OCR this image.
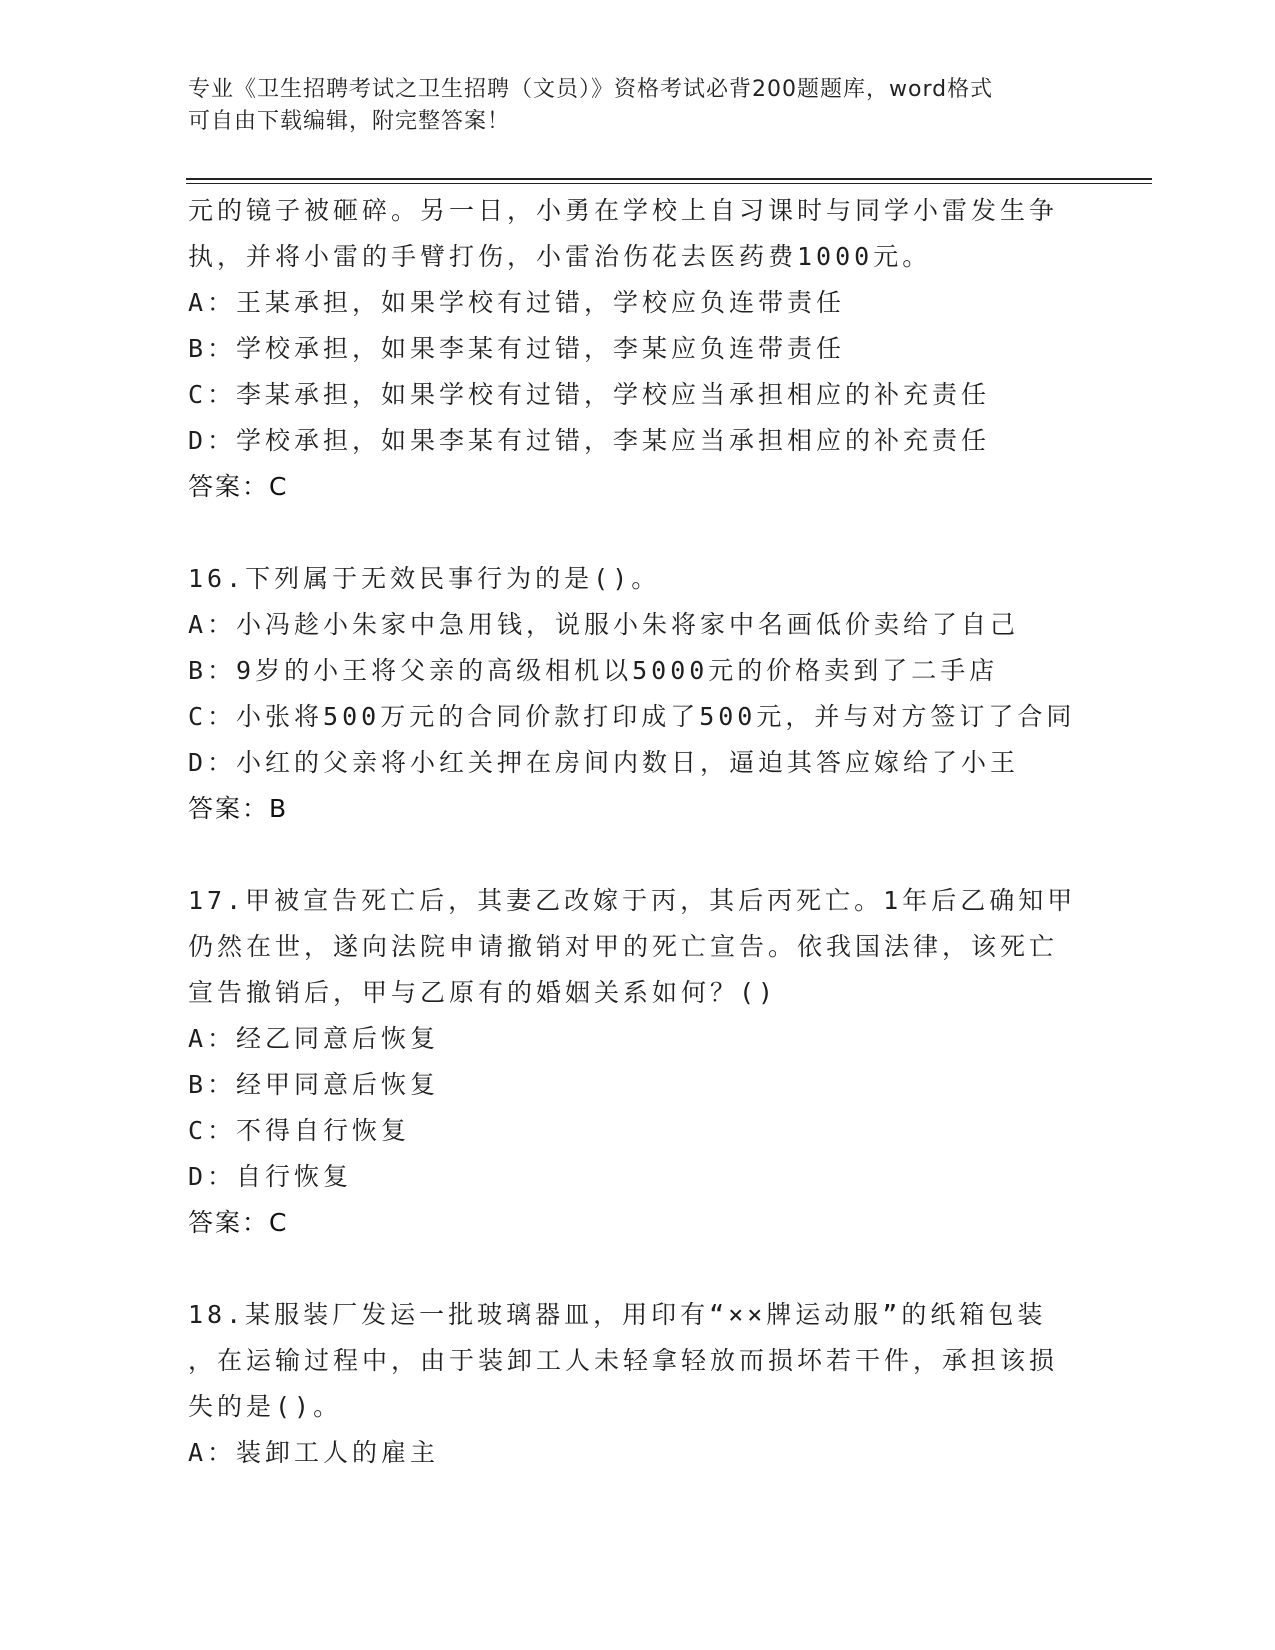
专业《卫生招聘考试之卫生招聘（文员）》资格考试必背200题题库，word格式
可自由下载编辑，附完整答案！
元的镜子被砸碎。另一日，小勇在学校上自习课时与同学小雷发生争
执，并将小雷的手臂打伤，小雷治伤花去医药费1000元。
A：王某承担，如果学校有过错，学校应负连带责任
B：学校承担，如果李某有过错，李某应负连带责任
C：李某承担，如果学校有过错，学校应当承担相应的补充责任
D：学校承担，如果李某有过错，李某应当承担相应的补充责任
答案：C
16.下列属于无效民事行为的是()。
A：小冯趁小朱家中急用钱，说服小朱将家中名画低价卖给了自己
B：9岁的小王将父亲的高级相机以5000元的价格卖到了二手店
C：小张将500万元的合同价款打印成了500元，并与对方签订了合同
D：小红的父亲将小红关押在房间内数日，逼迫其答应嫁给了小王
答案：B
17.甲被宣告死亡后，其妻乙改嫁于丙，其后丙死亡。1年后乙确知甲
仍然在世，遂向法院申请撤销对甲的死亡宣告。依我国法律，该死亡
宣告撤销后，甲与乙原有的婚姻关系如何？()
A：经乙同意后恢复
B：经甲同意后恢复
C：不得自行恢复
D：自行恢复
答案：C
18.某服装厂发运一批玻璃器皿，用印有“××牌运动服”的纸箱包装
，在运输过程中，由于装卸工人未轻拿轻放而损坏若干件，承担该损
失的是()。
A：装卸工人的雇主
